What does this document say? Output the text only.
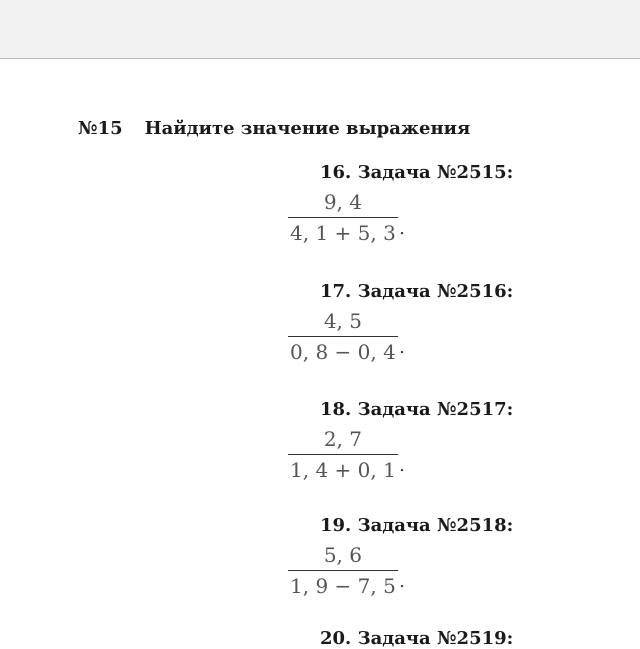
№15 Найдите значение выражения
16. Задача №2515:
9, 4
4, 1 + 5, 3 .
17. Задача №2516:
4, 5
0, 8 − 0, 4 .
18. Задача №2517:
2, 7
1, 4 + 0, 1 .
19. Задача №2518:
5, 6
1, 9 − 7, 5 .
20. Задача №2519:
